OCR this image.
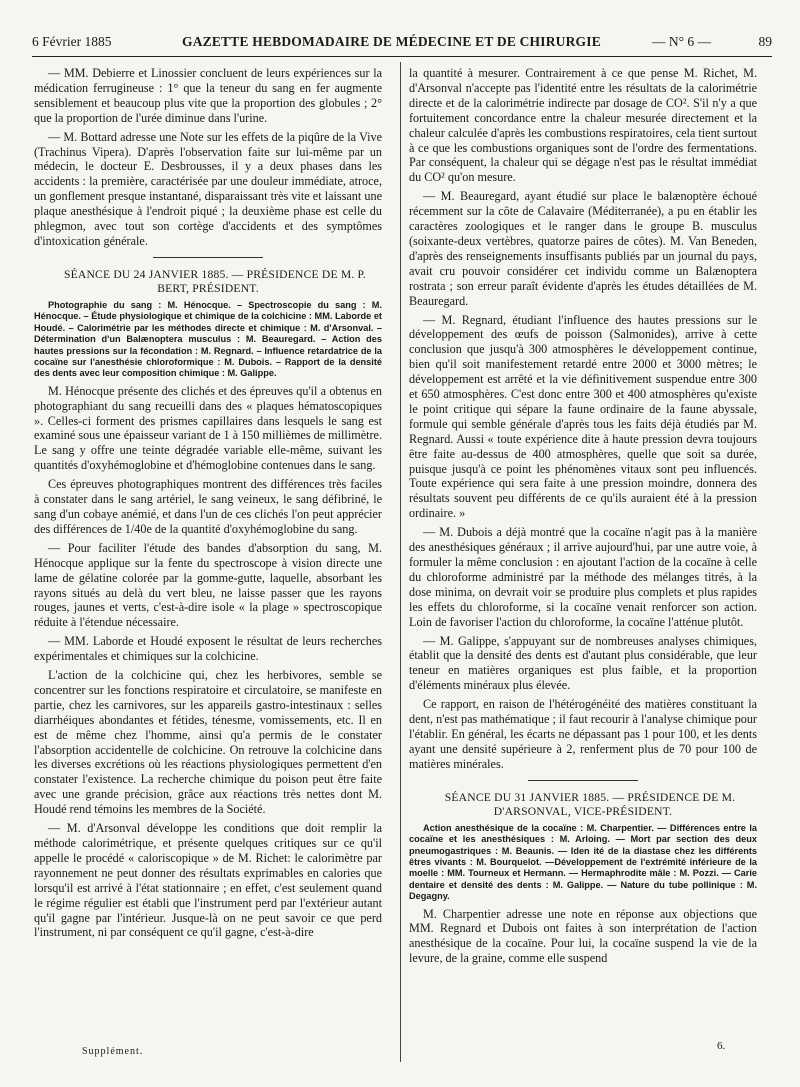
6 Février 1885	GAZETTE HEBDOMADAIRE DE MÉDECINE ET DE CHIRURGIE	— N° 6 —	89

— MM. Debierre et Linossier concluent de leurs expériences sur la médication ferrugineuse : 1° que la teneur du sang en fer augmente sensiblement et beaucoup plus vite que la proportion des globules ; 2° que la proportion de l'urée diminue dans l'urine.

— M. Bottard adresse une Note sur les effets de la piqûre de la Vive (Trachinus Vipera). D'après l'observation faite sur lui-même par un médecin, le docteur E. Desbrousses, il y a deux phases dans les accidents : la première, caractérisée par une douleur immédiate, atroce, un gonflement presque instantané, disparaissant très vite et laissant une plaque anesthésique à l'endroit piqué ; la deuxième phase est celle du phlegmon, avec tout son cortège d'accidents et des symptômes d'intoxication générale.

SÉANCE DU 24 JANVIER 1885. — PRÉSIDENCE DE M. P. BERT, PRÉSIDENT.

Photographie du sang : M. Hénocque. – Spectroscopie du sang : M. Hénocque. – Étude physiologique et chimique de la colchicine : MM. Laborde et Houdé. – Calorimétrie par les méthodes directe et chimique : M. d'Arsonval. – Détermination d'un Balænoptera musculus : M. Beauregard. – Action des hautes pressions sur la fécondation : M. Regnard. – Influence retardatrice de la cocaïne sur l'anesthésie chloroformique : M. Dubois. – Rapport de la densité des dents avec leur composition chimique : M. Galippe.

M. Hénocque présente des clichés et des épreuves qu'il a obtenus en photographiant du sang recueilli dans des « plaques hématoscopiques ». Celles-ci forment des prismes capillaires dans lesquels le sang est examiné sous une épaisseur variant de 1 à 150 millièmes de millimètre. Le sang y offre une teinte dégradée variable elle-même, suivant les quantités d'oxyhémoglobine et d'hémoglobine contenues dans le sang.

Ces épreuves photographiques montrent des différences très faciles à constater dans le sang artériel, le sang veineux, le sang défibriné, le sang d'un cobaye anémié, et dans l'un de ces clichés l'on peut apprécier des différences de 1/40e de la quantité d'oxyhémoglobine du sang.

— Pour faciliter l'étude des bandes d'absorption du sang, M. Hénocque applique sur la fente du spectroscope à vision directe une lame de gélatine colorée par la gomme-gutte, laquelle, absorbant les rayons situés au delà du vert bleu, ne laisse passer que les rayons rouges, jaunes et verts, c'est-à-dire isole « la plage » spectroscopique réduite à l'étendue nécessaire.

— MM. Laborde et Houdé exposent le résultat de leurs recherches expérimentales et chimiques sur la colchicine.

L'action de la colchicine qui, chez les herbivores, semble se concentrer sur les fonctions respiratoire et circulatoire, se manifeste en partie, chez les carnivores, sur les appareils gastro-intestinaux : selles diarrhéiques abondantes et fétides, ténesme, vomissements, etc. Il en est de même chez l'homme, ainsi qu'a permis de le constater l'absorption accidentelle de colchicine. On retrouve la colchicine dans les diverses excrétions où les réactions physiologiques permettent d'en constater l'existence. La recherche chimique du poison peut être faite avec une grande précision, grâce aux réactions très nettes dont M. Houdé rend témoins les membres de la Société.

— M. d'Arsonval développe les conditions que doit remplir la méthode calorimétrique, et présente quelques critiques sur ce qu'il appelle le procédé « caloriscopique » de M. Richet: le calorimètre par rayonnement ne peut donner des résultats exprimables en calories que lorsqu'il est arrivé à l'état stationnaire ; en effet, c'est seulement quand le régime régulier est établi que l'instrument perd par l'extérieur autant qu'il gagne par l'intérieur. Jusque-là on ne peut savoir ce que perd l'instrument, ni par conséquent ce qu'il gagne, c'est-à-dire

la quantité à mesurer. Contrairement à ce que pense M. Richet, M. d'Arsonval n'accepte pas l'identité entre les résultats de la calorimétrie directe et de la calorimétrie indirecte par dosage de CO². S'il n'y a que fortuitement concordance entre la chaleur mesurée directement et la chaleur calculée d'après les combustions respiratoires, cela tient surtout à ce que les combustions organiques sont de l'ordre des fermentations. Par conséquent, la chaleur qui se dégage n'est pas le résultat immédiat du CO² qu'on mesure.

— M. Beauregard, ayant étudié sur place le balænoptère échoué récemment sur la côte de Calavaire (Méditerranée), a pu en établir les caractères zoologiques et le ranger dans le groupe B. musculus (soixante-deux vertèbres, quatorze paires de côtes). M. Van Beneden, d'après des renseignements insuffisants publiés par un journal du pays, avait cru pouvoir considérer cet individu comme un Balænoptera rostrata ; son erreur paraît évidente d'après les études détaillées de M. Beauregard.

— M. Regnard, étudiant l'influence des hautes pressions sur le développement des œufs de poisson (Salmonides), arrive à cette conclusion que jusqu'à 300 atmosphères le développement continue, bien qu'il soit manifestement retardé entre 2000 et 3000 mètres; le développement est arrêté et la vie définitivement suspendue entre 300 et 650 atmosphères. C'est donc entre 300 et 400 atmosphères qu'existe le point critique qui sépare la faune ordinaire de la faune abyssale, formule qui semble générale d'après tous les faits déjà étudiés par M. Regnard. Aussi « toute expérience dite à haute pression devra toujours être faite au-dessus de 400 atmosphères, quelle que soit sa durée, puisque jusqu'à ce point les phénomènes vitaux sont peu influencés. Toute expérience qui sera faite à une pression moindre, donnera des résultats souvent peu différents de ce qu'ils auraient été à la pression ordinaire. »

— M. Dubois a déjà montré que la cocaïne n'agit pas à la manière des anesthésiques généraux ; il arrive aujourd'hui, par une autre voie, à formuler la même conclusion : en ajoutant l'action de la cocaïne à celle du chloroforme administré par la méthode des mélanges titrés, à la dose minima, on devrait voir se produire plus complets et plus rapides les effets du chloroforme, si la cocaïne venait renforcer son action. Loin de favoriser l'action du chloroforme, la cocaïne l'atténue plutôt.

— M. Galippe, s'appuyant sur de nombreuses analyses chimiques, établit que la densité des dents est d'autant plus considérable, que leur teneur en matières organiques est plus faible, et la proportion d'éléments minéraux plus élevée.

Ce rapport, en raison de l'hétérogénéité des matières constituant la dent, n'est pas mathématique ; il faut recourir à l'analyse chimique pour l'établir. En général, les écarts ne dépassant pas 1 pour 100, et les dents ayant une densité supérieure à 2, renferment plus de 70 pour 100 de matières minérales.

SÉANCE DU 31 JANVIER 1885. — PRÉSIDENCE DE M. D'ARSONVAL, VICE-PRÉSIDENT.

Action anesthésique de la cocaïne : M. Charpentier. — Différences entre la cocaïne et les anesthésiques : M. Arloing. — Mort par section des deux pneumogastriques : M. Beaunis. — Iden ité de la diastase chez les différents êtres vivants : M. Bourquelot. —Développement de l'extrémité inférieure de la moelle : MM. Tourneux et Hermann. — Hermaphrodite mâle : M. Pozzi. — Carie dentaire et densité des dents : M. Galippe. — Nature du tube pollinique : M. Degagny.

M. Charpentier adresse une note en réponse aux objections que MM. Regnard et Dubois ont faites à son interprétation de l'action anesthésique de la cocaïne. Pour lui, la cocaïne suspend la vie de la levure, de la graine, comme elle suspend

Supplément.	6.
